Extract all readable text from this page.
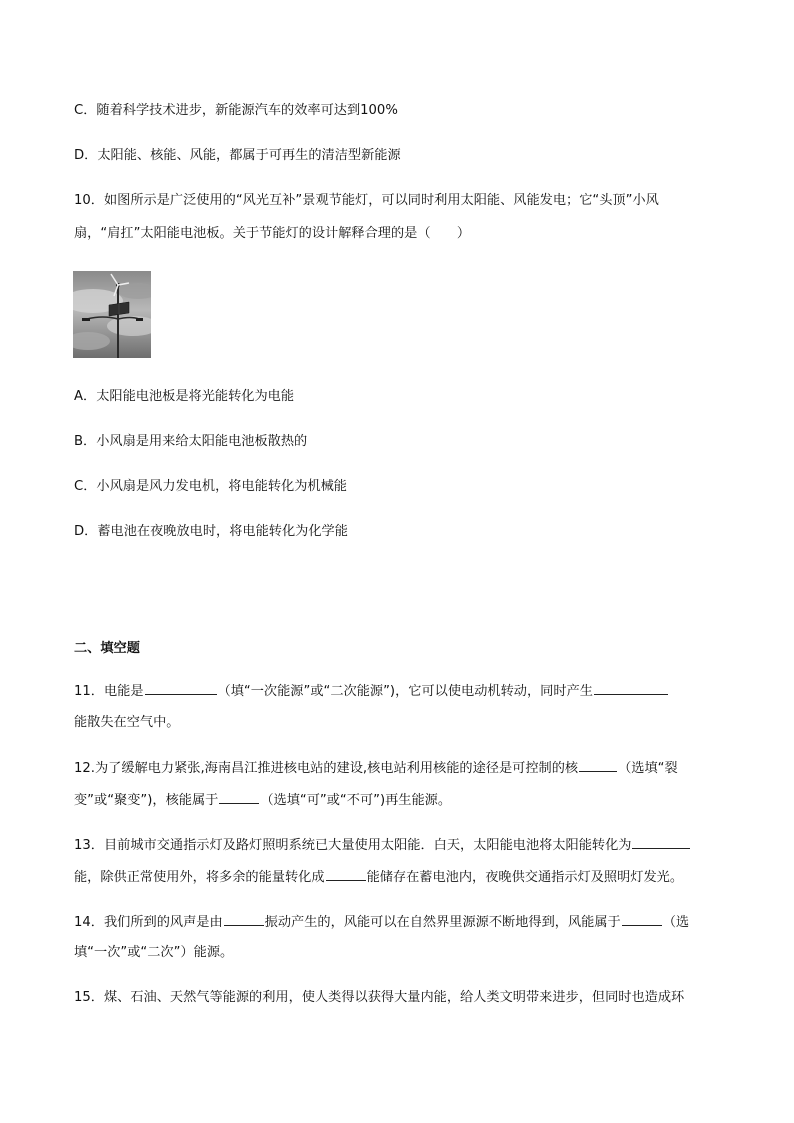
C．随着科学技术进步，新能源汽车的效率可达到100%
D．太阳能、核能、风能，都属于可再生的清洁型新能源
10．如图所示是广泛使用的“风光互补”景观节能灯，可以同时利用太阳能、风能发电；它“头顶”小风
扇，“肩扛”太阳能电池板。关于节能灯的设计解释合理的是（　　）
A．太阳能电池板是将光能转化为电能
B．小风扇是用来给太阳能电池板散热的
C．小风扇是风力发电机，将电能转化为机械能
D．蓄电池在夜晚放电时，将电能转化为化学能
二、填空题
11．电能是	（填“一次能源”或“二次能源”)，它可以使电动机转动，同时产生
能散失在空气中。
12.为了缓解电力紧张,海南昌江推进核电站的建设,核电站利用核能的途径是可控制的核	（选填“裂
变”或“聚变”)，核能属于	（选填“可”或“不可”)再生能源。
13．目前城市交通指示灯及路灯照明系统已大量使用太阳能．白天，太阳能电池将太阳能转化为
能，除供正常使用外，将多余的能量转化成	能储存在蓄电池内，夜晚供交通指示灯及照明灯发光。
14．我们所到的风声是由	振动产生的，风能可以在自然界里源源不断地得到，风能属于	（选
填“一次”或“二次”）能源。
15．煤、石油、天然气等能源的利用，使人类得以获得大量内能，给人类文明带来进步，但同时也造成环
